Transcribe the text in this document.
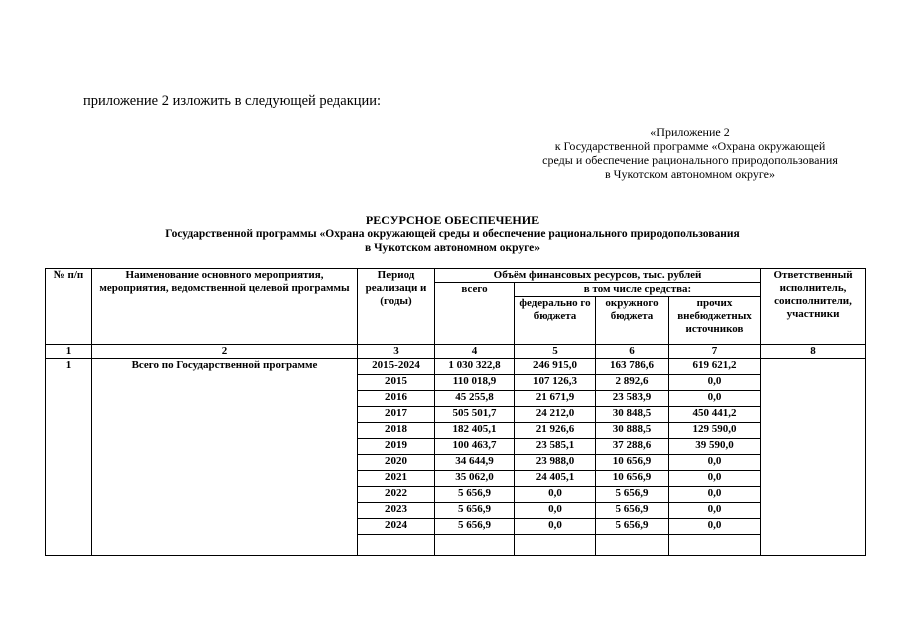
приложение 2 изложить в следующей редакции:
«Приложение 2
к Государственной программе «Охрана окружающей
среды и обеспечение рационального природопользования
в Чукотском автономном округе»
РЕСУРСНОЕ ОБЕСПЕЧЕНИЕ
Государственной программы «Охрана окружающей среды и обеспечение рационального природопользования
в Чукотском автономном округе»
№ п/п	Наименование основного мероприятия, мероприятия, ведомственной целевой программы	Период реализаци и (годы)	Объём финансовых ресурсов, тыс. рублей				Ответственный исполнитель, соисполнители, участники
			всего	в том числе средства:			
				федерально го бюджета	окружного бюджета	прочих внебюджетных источников	
1	2	3	4	5	6	7	8
1	Всего по Государственной программе	2015-2024	1 030 322,8	246 915,0	163 786,6	619 621,2	
		2015	110 018,9	107 126,3	2 892,6	0,0	
		2016	45 255,8	21 671,9	23 583,9	0,0	
		2017	505 501,7	24 212,0	30 848,5	450 441,2	
		2018	182 405,1	21 926,6	30 888,5	129 590,0	
		2019	100 463,7	23 585,1	37 288,6	39 590,0	
		2020	34 644,9	23 988,0	10 656,9	0,0	
		2021	35 062,0	24 405,1	10 656,9	0,0	
		2022	5 656,9	0,0	5 656,9	0,0	
		2023	5 656,9	0,0	5 656,9	0,0	
		2024	5 656,9	0,0	5 656,9	0,0	
